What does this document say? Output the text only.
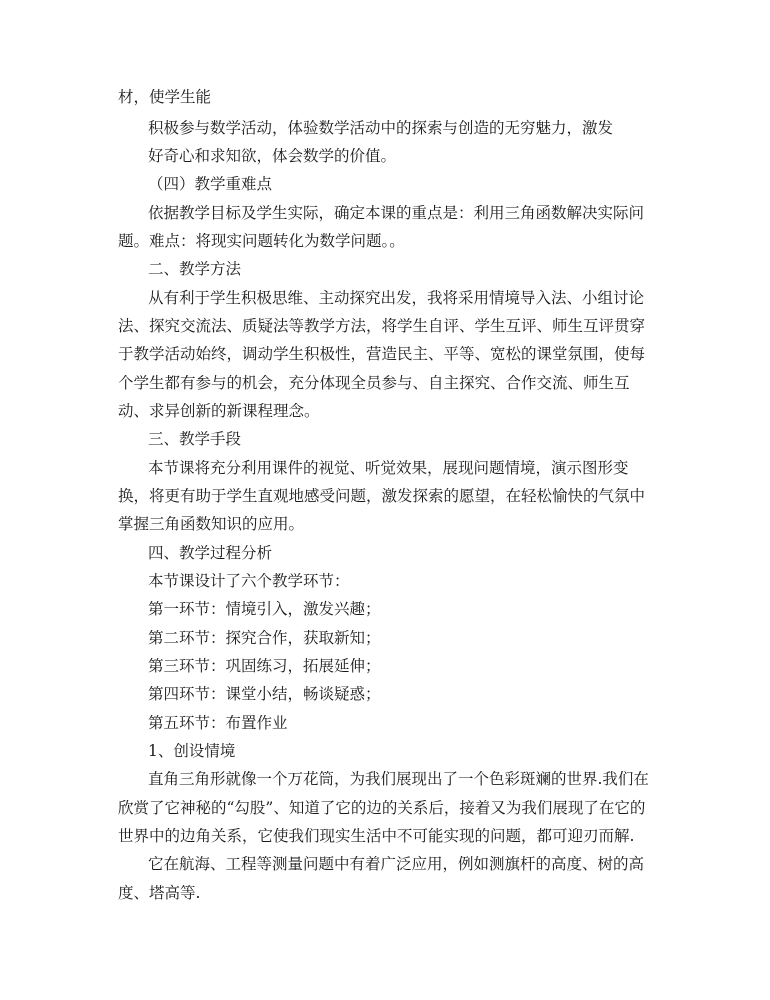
材，使学生能
积极参与数学活动，体验数学活动中的探索与创造的无穷魅力，激发
好奇心和求知欲，体会数学的价值。
（四）教学重难点
依据教学目标及学生实际，确定本课的重点是：利用三角函数解决实际问
题。难点：将现实问题转化为数学问题。。
二、教学方法
从有利于学生积极思维、主动探究出发，我将采用情境导入法、小组讨论
法、探究交流法、质疑法等教学方法，将学生自评、学生互评、师生互评贯穿
于教学活动始终，调动学生积极性，营造民主、平等、宽松的课堂氛围，使每
个学生都有参与的机会，充分体现全员参与、自主探究、合作交流、师生互
动、求异创新的新课程理念。
三、教学手段
本节课将充分利用课件的视觉、听觉效果，展现问题情境，演示图形变
换，将更有助于学生直观地感受问题，激发探索的愿望，在轻松愉快的气氛中
掌握三角函数知识的应用。
四、教学过程分析
本节课设计了六个教学环节：
第一环节：情境引入，激发兴趣；
第二环节：探究合作，获取新知；
第三环节：巩固练习，拓展延伸；
第四环节：课堂小结，畅谈疑惑；
第五环节：布置作业
1、创设情境
直角三角形就像一个万花筒，为我们展现出了一个色彩斑斓的世界.我们在
欣赏了它神秘的“勾股”、知道了它的边的关系后，接着又为我们展现了在它的
世界中的边角关系，它使我们现实生活中不可能实现的问题，都可迎刃而解.
它在航海、工程等测量问题中有着广泛应用，例如测旗杆的高度、树的高
度、塔高等.
